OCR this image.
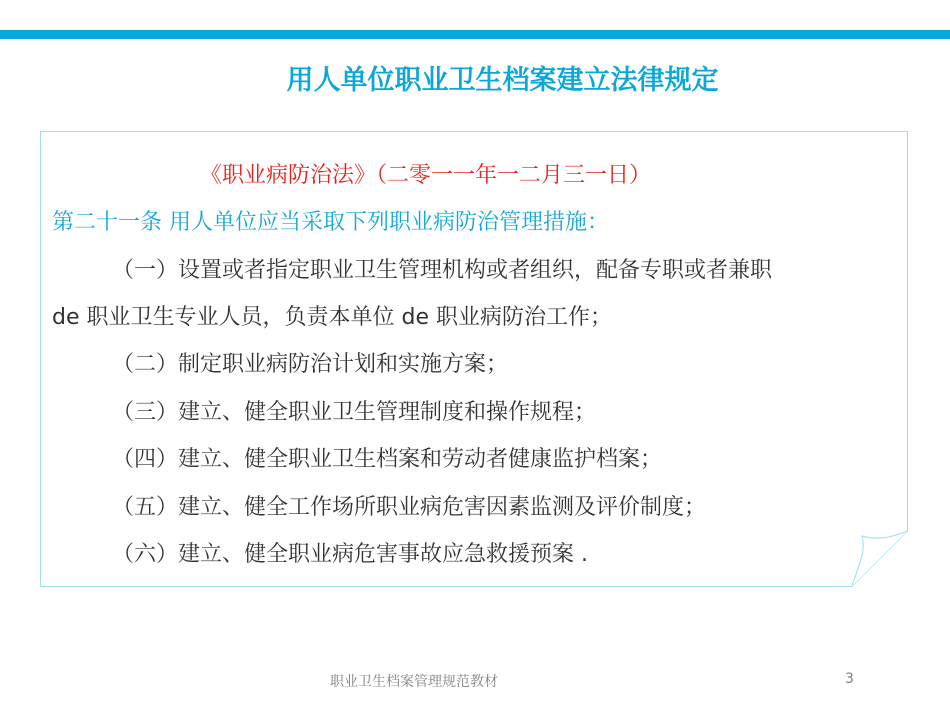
用人单位职业卫生档案建立法律规定
《职业病防治法》（二零一一年一二月三一日）
第二十一条 用人单位应当采取下列职业病防治管理措施：
（一）设置或者指定职业卫生管理机构或者组织，配备专职或者兼职
de 职业卫生专业人员，负责本单位 de 职业病防治工作；
（二）制定职业病防治计划和实施方案；
（三）建立、健全职业卫生管理制度和操作规程；
（四）建立、健全职业卫生档案和劳动者健康监护档案；
（五）建立、健全工作场所职业病危害因素监测及评价制度；
（六）建立、健全职业病危害事故应急救援预案 .
职业卫生档案管理规范教材	3
